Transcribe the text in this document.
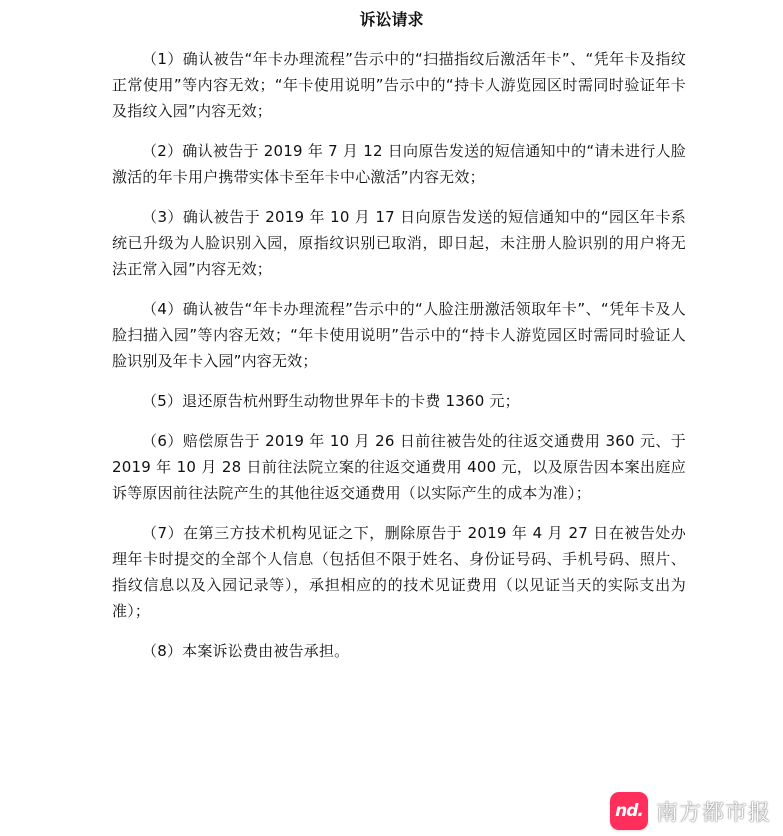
诉讼请求

（1）确认被告“年卡办理流程”告示中的“扫描指纹后激活年卡”、“凭年卡及指纹正常使用”等内容无效；“年卡使用说明”告示中的“持卡人游览园区时需同时验证年卡及指纹入园”内容无效；

（2）确认被告于 2019 年 7 月 12 日向原告发送的短信通知中的“请未进行人脸激活的年卡用户携带实体卡至年卡中心激活”内容无效；

（3）确认被告于 2019 年 10 月 17 日向原告发送的短信通知中的“园区年卡系统已升级为人脸识别入园，原指纹识别已取消，即日起，未注册人脸识别的用户将无法正常入园”内容无效；

（4）确认被告“年卡办理流程”告示中的“人脸注册激活领取年卡”、“凭年卡及人脸扫描入园”等内容无效；“年卡使用说明”告示中的“持卡人游览园区时需同时验证人脸识别及年卡入园”内容无效；

（5）退还原告杭州野生动物世界年卡的卡费 1360 元；

（6）赔偿原告于 2019 年 10 月 26 日前往被告处的往返交通费用 360 元、于 2019 年 10 月 28 日前往法院立案的往返交通费用 400 元，以及原告因本案出庭应诉等原因前往法院产生的其他往返交通费用（以实际产生的成本为准）；

（7）在第三方技术机构见证之下，删除原告于 2019 年 4 月 27 日在被告处办理年卡时提交的全部个人信息（包括但不限于姓名、身份证号码、手机号码、照片、指纹信息以及入园记录等），承担相应的的技术见证费用（以见证当天的实际支出为准）；

（8）本案诉讼费由被告承担。

nd. 南方都市报
